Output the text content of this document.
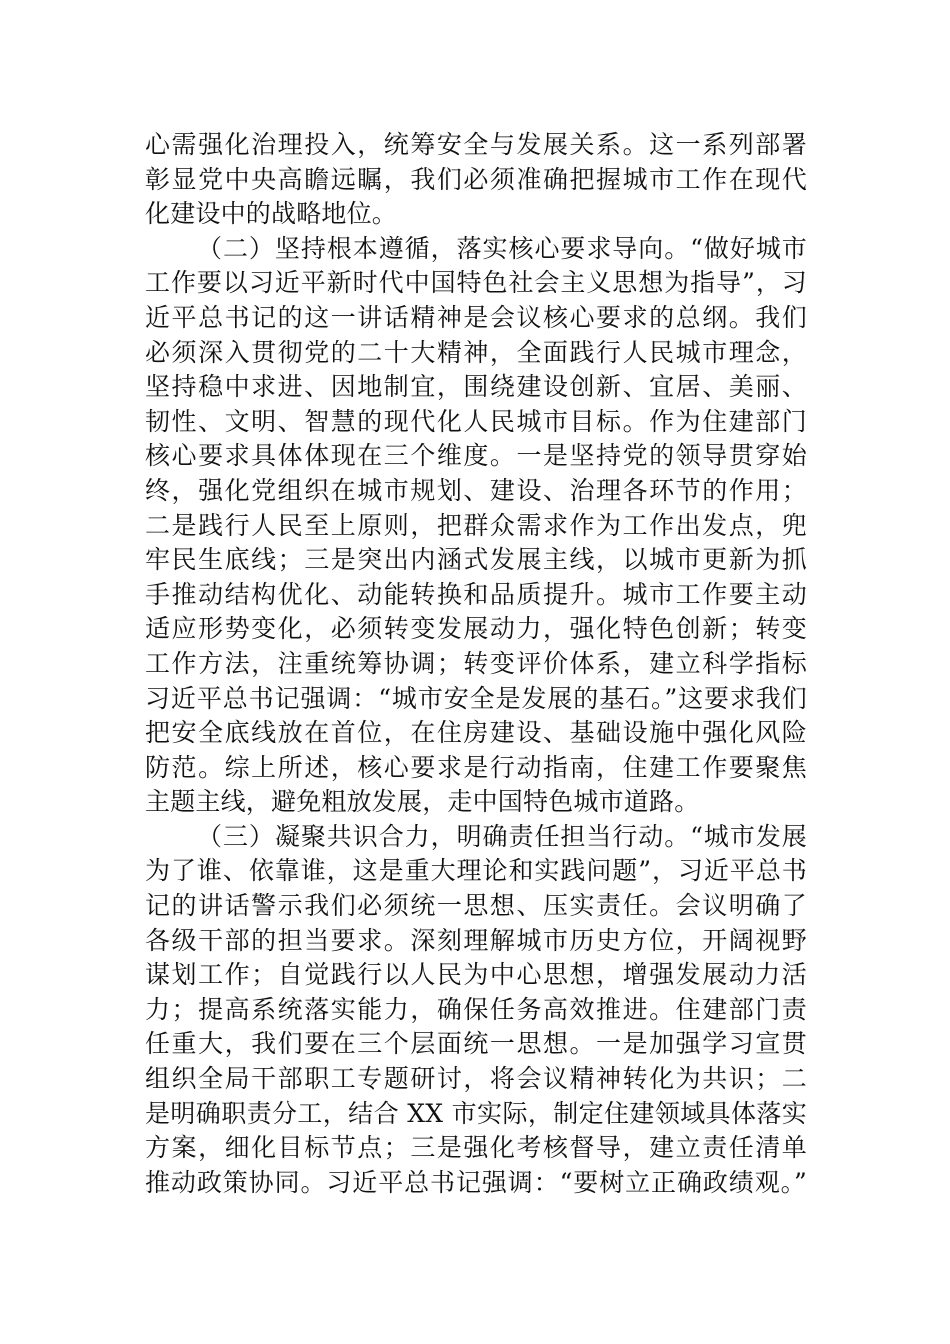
心需强化治理投入，统筹安全与发展关系。这一系列部署
彰显党中央高瞻远瞩，我们必须准确把握城市工作在现代
化建设中的战略地位。
（二）坚持根本遵循，落实核心要求导向。“做好城市
工作要以习近平新时代中国特色社会主义思想为指导”，习
近平总书记的这一讲话精神是会议核心要求的总纲。我们
必须深入贯彻党的二十大精神，全面践行人民城市理念，
坚持稳中求进、因地制宜，围绕建设创新、宜居、美丽、
韧性、文明、智慧的现代化人民城市目标。作为住建部门
核心要求具体体现在三个维度。一是坚持党的领导贯穿始
终，强化党组织在城市规划、建设、治理各环节的作用；
二是践行人民至上原则，把群众需求作为工作出发点，兜
牢民生底线；三是突出内涵式发展主线，以城市更新为抓
手推动结构优化、动能转换和品质提升。城市工作要主动
适应形势变化，必须转变发展动力，强化特色创新；转变
工作方法，注重统筹协调；转变评价体系，建立科学指标
习近平总书记强调：“城市安全是发展的基石。”这要求我们
把安全底线放在首位，在住房建设、基础设施中强化风险
防范。综上所述，核心要求是行动指南，住建工作要聚焦
主题主线，避免粗放发展，走中国特色城市道路。
（三）凝聚共识合力，明确责任担当行动。“城市发展
为了谁、依靠谁，这是重大理论和实践问题”，习近平总书
记的讲话警示我们必须统一思想、压实责任。会议明确了
各级干部的担当要求。深刻理解城市历史方位，开阔视野
谋划工作；自觉践行以人民为中心思想，增强发展动力活
力；提高系统落实能力，确保任务高效推进。住建部门责
任重大，我们要在三个层面统一思想。一是加强学习宣贯
组织全局干部职工专题研讨，将会议精神转化为共识；二
是明确职责分工，结合 XX 市实际，制定住建领域具体落实
方案，细化目标节点；三是强化考核督导，建立责任清单
推动政策协同。习近平总书记强调：“要树立正确政绩观。”
